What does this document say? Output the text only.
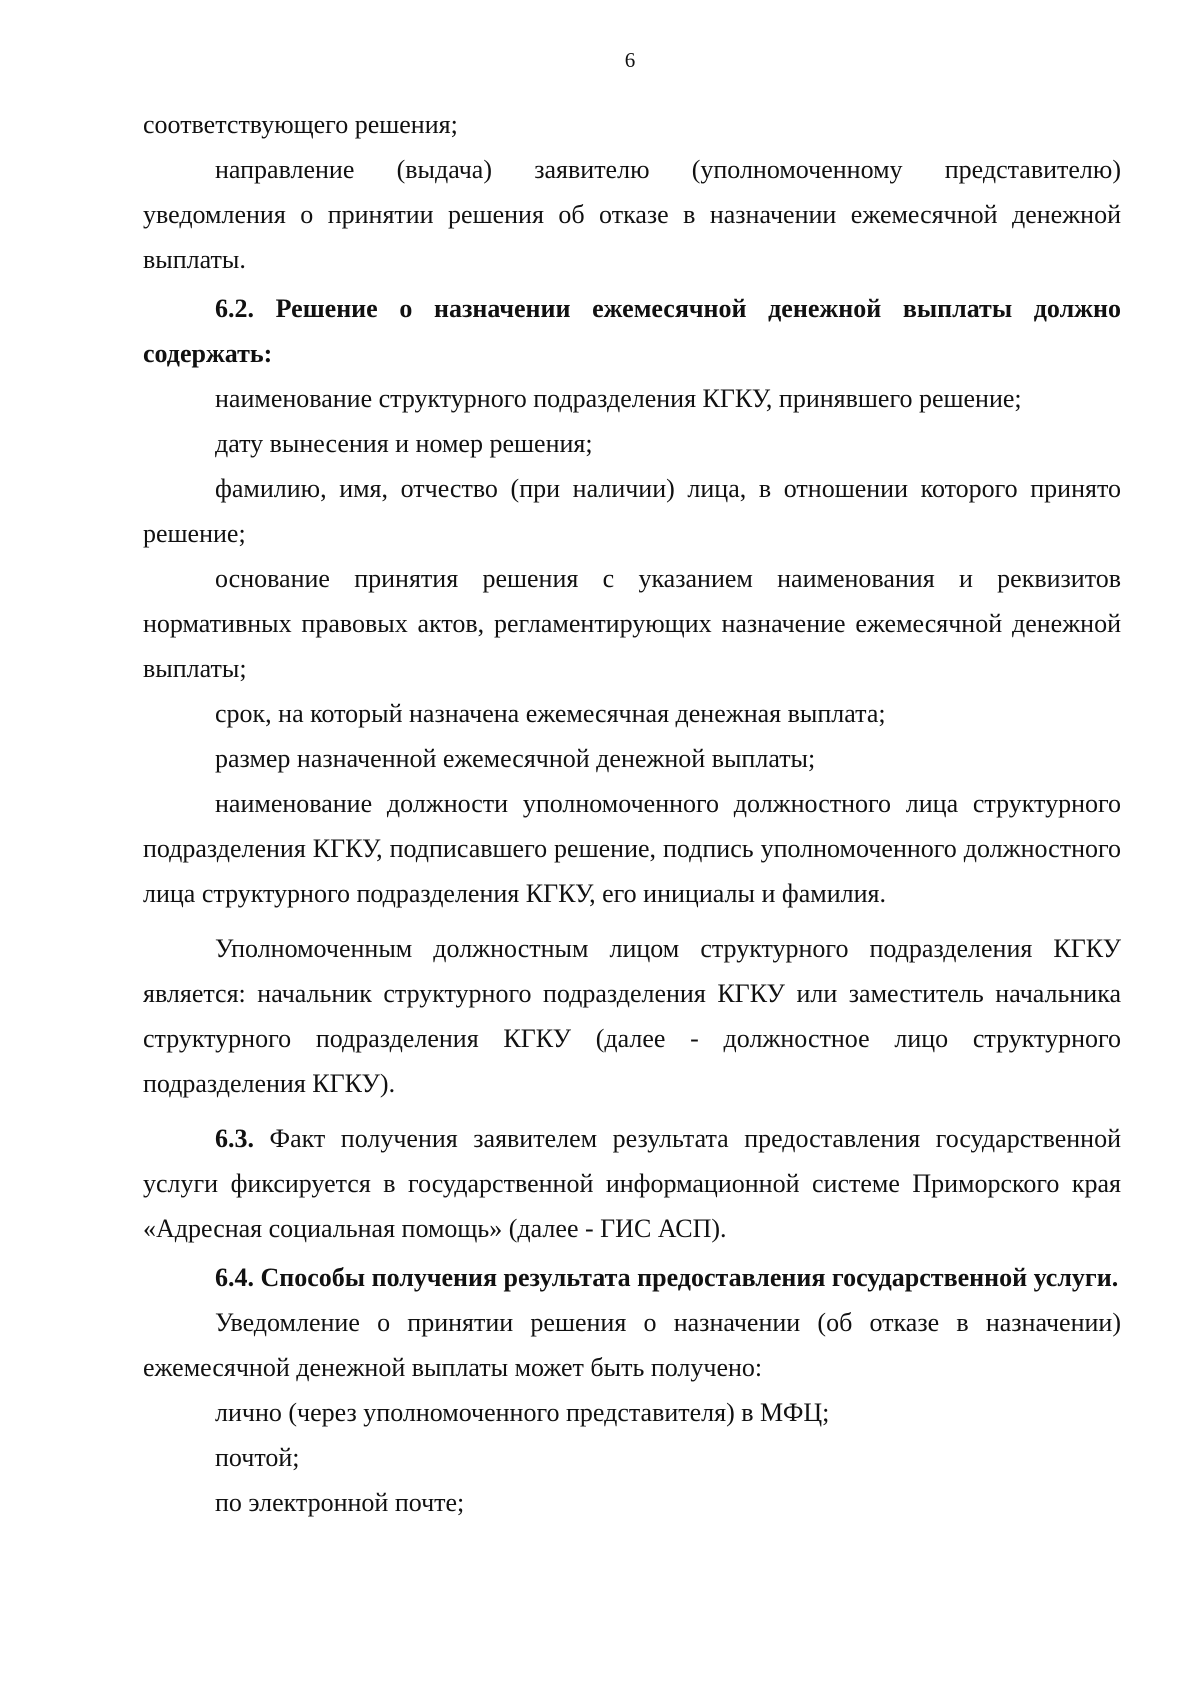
6

соответствующего решения;

направление (выдача) заявителю (уполномоченному представителю) уведомления о принятии решения об отказе в назначении ежемесячной денежной выплаты.

6.2. Решение о назначении ежемесячной денежной выплаты должно содержать:

наименование структурного подразделения КГКУ, принявшего решение;

дату вынесения и номер решения;

фамилию, имя, отчество (при наличии) лица, в отношении которого принято решение;

основание принятия решения с указанием наименования и реквизитов нормативных правовых актов, регламентирующих назначение ежемесячной денежной выплаты;

срок, на который назначена ежемесячная денежная выплата;

размер назначенной ежемесячной денежной выплаты;

наименование должности уполномоченного должностного лица структурного подразделения КГКУ, подписавшего решение, подпись уполномоченного должностного лица структурного подразделения КГКУ, его инициалы и фамилия.

Уполномоченным должностным лицом структурного подразделения КГКУ является: начальник структурного подразделения КГКУ или заместитель начальника структурного подразделения КГКУ (далее - должностное лицо структурного подразделения КГКУ).

6.3. Факт получения заявителем результата предоставления государственной услуги фиксируется в государственной информационной системе Приморского края «Адресная социальная помощь» (далее - ГИС АСП).

6.4. Способы получения результата предоставления государственной услуги.

Уведомление о принятии решения о назначении (об отказе в назначении) ежемесячной денежной выплаты может быть получено:

лично (через уполномоченного представителя) в МФЦ;

почтой;

по электронной почте;
